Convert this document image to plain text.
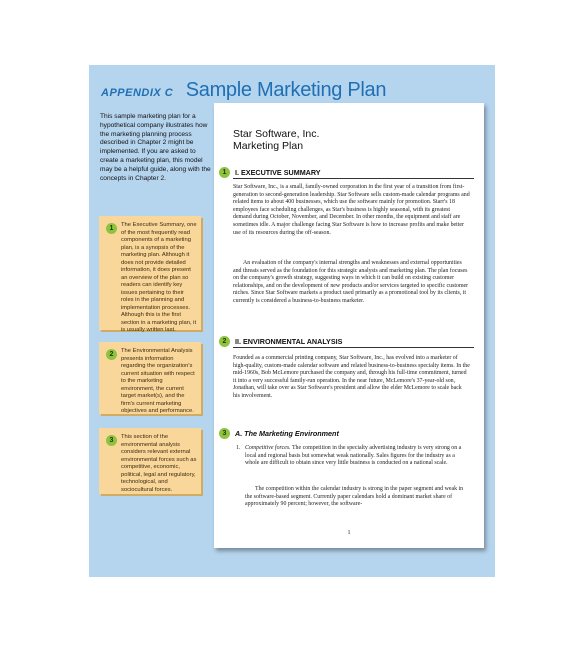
APPENDIX C Sample Marketing Plan
This sample marketing plan for a hypothetical company illustrates how the marketing planning process described in Chapter 2 might be implemented. If you are asked to create a marketing plan, this model may be a helpful guide, along with the concepts in Chapter 2.
1	The Executive Summary, one of the most frequently read components of a marketing plan, is a synopsis of the marketing plan. Although it does not provide detailed information, it does present an overview of the plan so readers can identify key issues pertaining to their roles in the planning and implementation processes. Although this is the first section in a marketing plan, it is usually written last.
2	The Environmental Analysis presents information regarding the organization's current situation with respect to the marketing environment, the current target market(s), and the firm's current marketing objectives and performance.
3	This section of the environmental analysis considers relevant external environmental forces such as competitive, economic, political, legal and regulatory, technological, and sociocultural forces.
Star Software, Inc.
Marketing Plan
1	I. EXECUTIVE SUMMARY
Star Software, Inc., is a small, family-owned corporation in the first year of a transition from first-generation to second-generation leadership. Star Software sells custom-made calendar programs and related items to about 400 businesses, which use the software mainly for promotion. Starr's 18 employees face scheduling challenges, as Star's business is highly seasonal, with its greatest demand during October, November, and December. In other months, the equipment and staff are sometimes idle. A major challenge facing Star Software is how to increase profits and make better use of its resources during the off-season.
An evaluation of the company's internal strengths and weaknesses and external opportunities and threats served as the foundation for this strategic analysis and marketing plan. The plan focuses on the company's growth strategy, suggesting ways in which it can build on existing customer relationships, and on the development of new products and/or services targeted to specific customer niches. Since Star Software markets a product used primarily as a promotional tool by its clients, it currently is considered a business-to-business marketer.
2	II. ENVIRONMENTAL ANALYSIS
Founded as a commercial printing company, Star Software, Inc., has evolved into a marketer of high-quality, custom-made calendar software and related business-to-business specialty items. In the mid-1960s, Bob McLemore purchased the company and, through his full-time commitment, turned it into a very successful family-run operation. In the near future, McLemore's 37-year-old son, Jonathan, will take over as Star Software's president and allow the elder McLemore to scale back his involvement.
3	A. The Marketing Environment
1. Competitive forces. The competition in the specialty advertising industry is very strong on a local and regional basis but somewhat weak nationally. Sales figures for the industry as a whole are difficult to obtain since very little business is conducted on a national scale.
The competition within the calendar industry is strong in the paper segment and weak in the software-based segment. Currently paper calendars hold a dominant market share of approximately 90 percent; however, the software-
1
